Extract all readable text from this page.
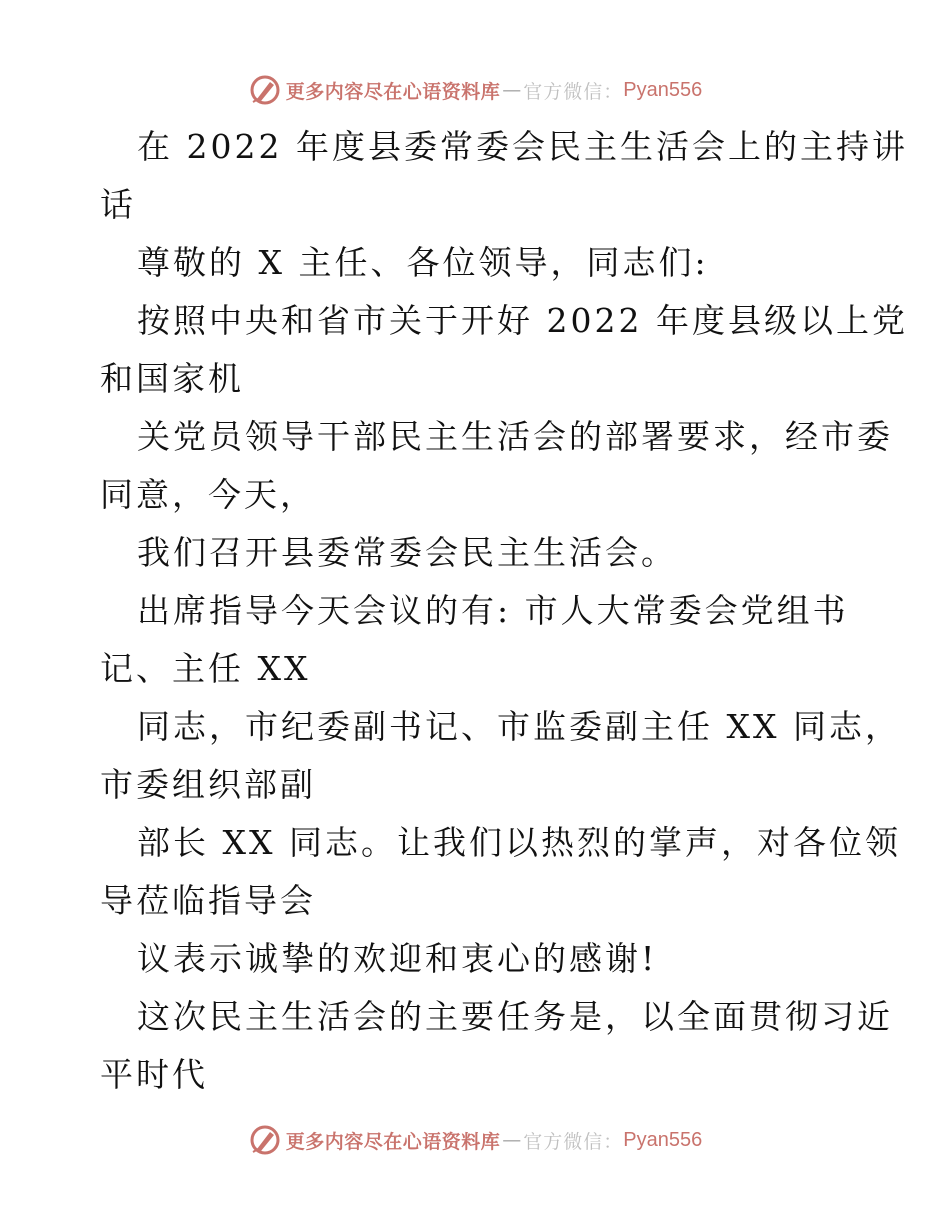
更多内容尽在心语资料库 — 官方微信： Pyan556
在 2022 年度县委常委会民主生活会上的主持讲
话
尊敬的 X 主任、各位领导，同志们:
按照中央和省市关于开好 2022 年度县级以上党
和国家机
关党员领导干部民主生活会的部署要求，经市委
同意，今天，
我们召开县委常委会民主生活会。
出席指导今天会议的有: 市人大常委会党组书
记、主任 XX
同志，市纪委副书记、市监委副主任 XX 同志，
市委组织部副
部长 XX 同志。让我们以热烈的掌声，对各位领
导莅临指导会
议表示诚挚的欢迎和衷心的感谢!
这次民主生活会的主要任务是，以全面贯彻习近
平时代
更多内容尽在心语资料库 — 官方微信： Pyan556
